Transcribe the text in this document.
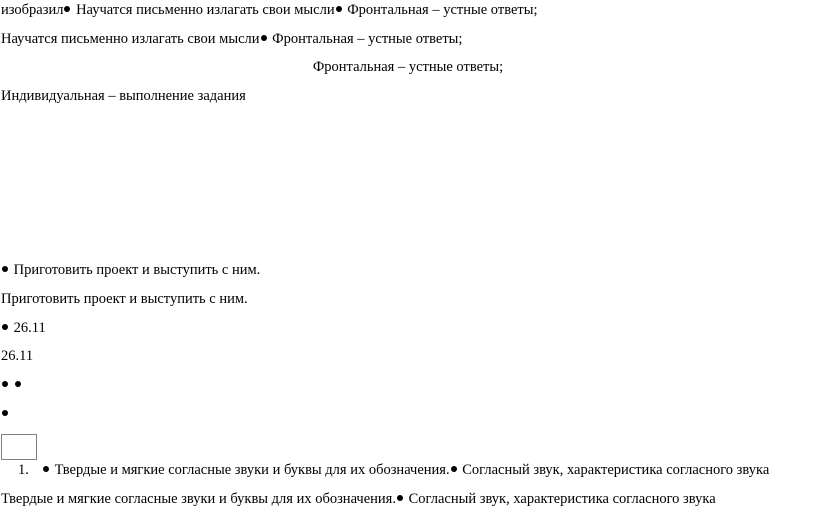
изобразил Научатся письменно излагать свои мысли Фронтальная – устные ответы;
Научатся письменно излагать свои мысли Фронтальная – устные ответы;
Фронтальная – устные ответы;
Индивидуальная – выполнение задания
Приготовить проект и выступить с ним.
Приготовить проект и выступить с ним.
26.11
26.11

1.	Твердые и мягкие согласные звуки и буквы для их обозначения. Согласный звук, характеристика согласного звука
Твердые и мягкие согласные звуки и буквы для их обозначения. Согласный звук, характеристика согласного звука
